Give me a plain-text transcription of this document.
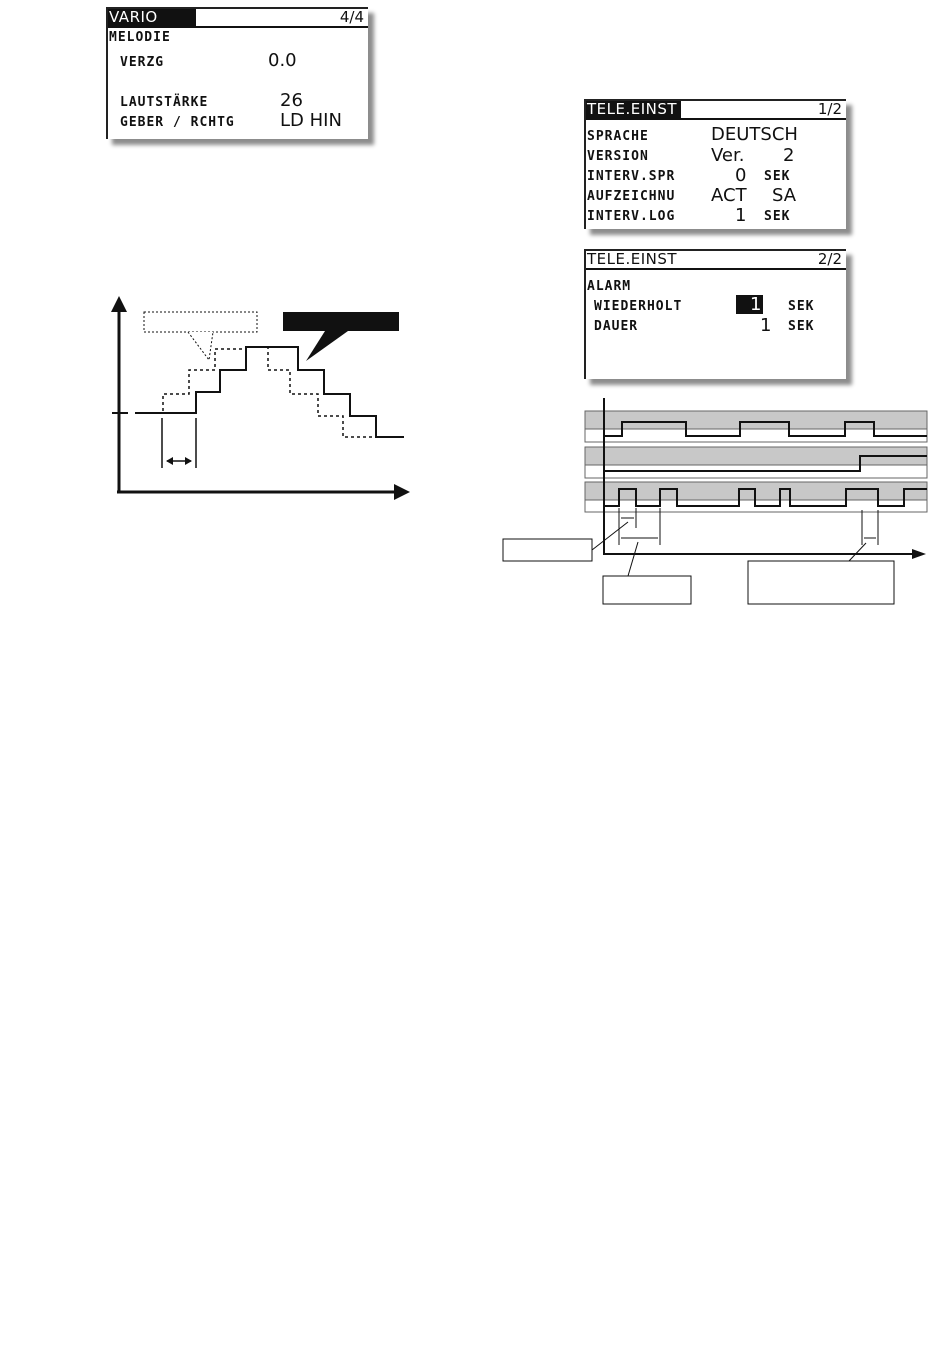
VARIO	4/4
MELODIE
VERZG	0.0
LAUTSTÄRKE	26
GEBER / RCHTG	LD HIN
TELE.EINST	1/2
SPRACHE	DEUTSCH
VERSION	Ver. 2
INTERV.SPR	0 SEK
AUFZEICHNU ACT SA
INTERV.LOG	1 SEK
TELE.EINST	2/2
ALARM
WIEDERHOLT	1 SEK
DAUER	1 SEK
